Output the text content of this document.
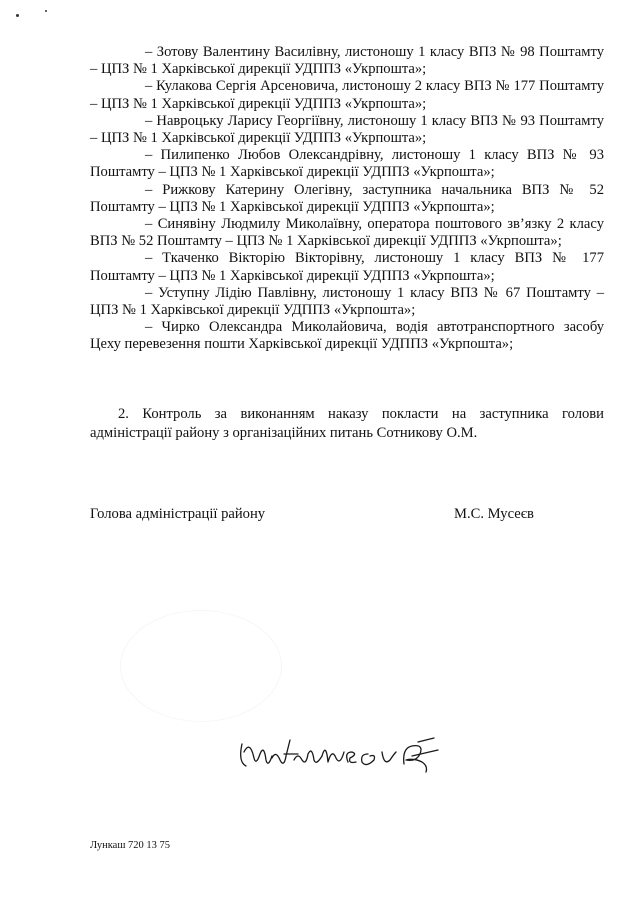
– Зотову Валентину Василівну, листоношу 1 класу ВПЗ № 98 Поштамту – ЦПЗ № 1 Харківської дирекції УДППЗ «Укрпошта»;

– Кулакова Сергія Арсеновича, листоношу 2 класу ВПЗ № 177 Поштамту – ЦПЗ № 1 Харківської дирекції УДППЗ «Укрпошта»;

– Навроцьку Ларису Георгіївну, листоношу 1 класу ВПЗ № 93 Поштамту – ЦПЗ № 1 Харківської дирекції УДППЗ «Укрпошта»;

– Пилипенко Любов Олександрівну, листоношу 1 класу ВПЗ № 93 Поштамту – ЦПЗ № 1 Харківської дирекції УДППЗ «Укрпошта»;

– Рижкову Катерину Олегівну, заступника начальника ВПЗ № 52 Поштамту – ЦПЗ № 1 Харківської дирекції УДППЗ «Укрпошта»;

– Синявіну Людмилу Миколаївну, оператора поштового зв’язку 2 класу ВПЗ № 52 Поштамту – ЦПЗ № 1 Харківської дирекції УДППЗ «Укрпошта»;

– Ткаченко Вікторію Вікторівну, листоношу 1 класу ВПЗ № 177 Поштамту – ЦПЗ № 1 Харківської дирекції УДППЗ «Укрпошта»;

– Уступну Лідію Павлівну, листоношу 1 класу ВПЗ № 67 Поштамту – ЦПЗ № 1 Харківської дирекції УДППЗ «Укрпошта»;

– Чирко Олександра Миколайовича, водія автотранспортного засобу Цеху перевезення пошти Харківської дирекції УДППЗ «Укрпошта»;

2. Контроль за виконанням наказу покласти на заступника голови адміністрації району з організаційних питань Сотникову О.М.

Голова адміністрації району	М.С. Мусеєв
Лункаш 720 13 75
